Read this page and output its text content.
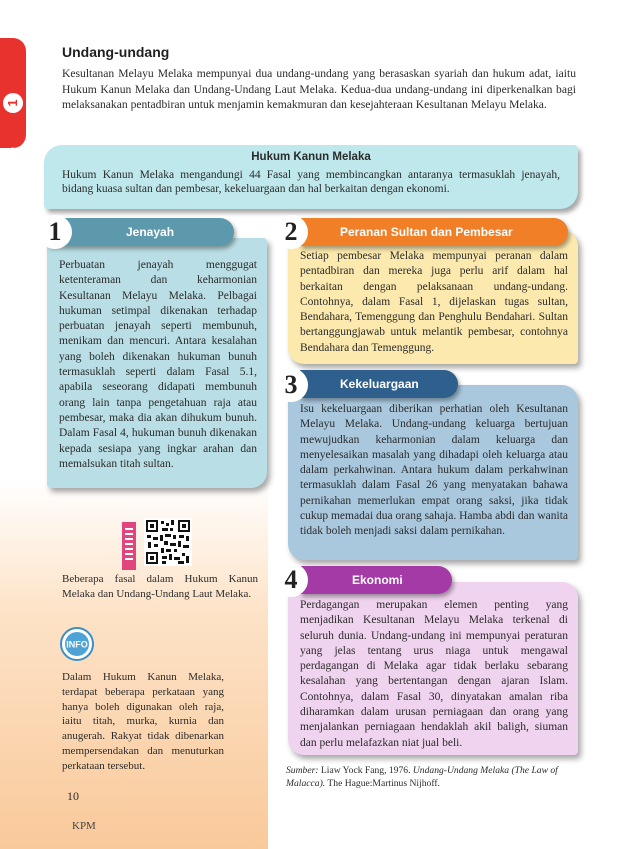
1
BAB
Undang-undang

Kesultanan Melayu Melaka mempunyai dua undang-undang yang berasaskan syariah dan hukum adat, iaitu Hukum Kanun Melaka dan Undang-Undang Laut Melaka. Kedua-dua undang-undang ini diperkenalkan bagi melaksanakan pentadbiran untuk menjamin kemakmuran dan kesejahteraan Kesultanan Melayu Melaka.

Hukum Kanun Melaka

Hukum Kanun Melaka mengandungi 44 Fasal yang membincangkan antaranya termasuklah jenayah, bidang kuasa sultan dan pembesar, kekeluargaan dan hal berkaitan dengan ekonomi.

Perbuatan jenayah menggugat ketenteraman dan keharmonian Kesultanan Melayu Melaka. Pelbagai hukuman setimpal dikenakan terhadap perbuatan jenayah seperti membunuh, menikam dan mencuri. Antara kesalahan yang boleh dikenakan hukuman bunuh termasuklah seperti dalam Fasal 5.1, apabila seseorang didapati membunuh orang lain tanpa pengetahuan raja atau pembesar, maka dia akan dihukum bunuh. Dalam Fasal 4, hukuman bunuh dikenakan kepada sesiapa yang ingkar arahan dan memalsukan titah sultan.

Jenayah
1

Setiap pembesar Melaka mempunyai peranan dalam pentadbiran dan mereka juga perlu arif dalam hal berkaitan dengan pelaksanaan undang-undang. Contohnya, dalam Fasal 1, dijelaskan tugas sultan, Bendahara, Temenggung dan Penghulu Bendahari. Sultan bertanggungjawab untuk melantik pembesar, contohnya Bendahara dan Temenggung.

Peranan Sultan dan Pembesar
2

Isu kekeluargaan diberikan perhatian oleh Kesultanan Melayu Melaka. Undang-undang keluarga bertujuan mewujudkan keharmonian dalam keluarga dan menyelesaikan masalah yang dihadapi oleh keluarga atau dalam perkahwinan. Antara hukum dalam perkahwinan termasuklah dalam Fasal 26 yang menyatakan bahawa pernikahan memerlukan empat orang saksi, jika tidak cukup memadai dua orang sahaja. Hamba abdi dan wanita tidak boleh menjadi saksi dalam pernikahan.

Kekeluargaan
3

Perdagangan merupakan elemen penting yang menjadikan Kesultanan Melayu Melaka terkenal di seluruh dunia. Undang-undang ini mempunyai peraturan yang jelas tentang urus niaga untuk mengawal perdagangan di Melaka agar tidak berlaku sebarang kesalahan yang bertentangan dengan ajaran Islam. Contohnya, dalam Fasal 30, dinyatakan amalan riba diharamkan dalam urusan perniagaan dan orang yang menjalankan perniagaan hendaklah akil baligh, siuman dan perlu melafazkan niat jual beli.

Ekonomi
4

Beberapa fasal dalam Hukum Kanun Melaka dan Undang-Undang Laut Melaka.

INFO

Dalam Hukum Kanun Melaka, terdapat beberapa perkataan yang hanya boleh digunakan oleh raja, iaitu titah, murka, kurnia dan anugerah. Rakyat tidak dibenarkan mempersendakan dan menuturkan perkataan tersebut.	Sumber: Liaw Yock Fang, 1976. Undang-Undang Melaka (The Law of Malacca). The Hague:Martinus Nijhoff.

10
KPM
